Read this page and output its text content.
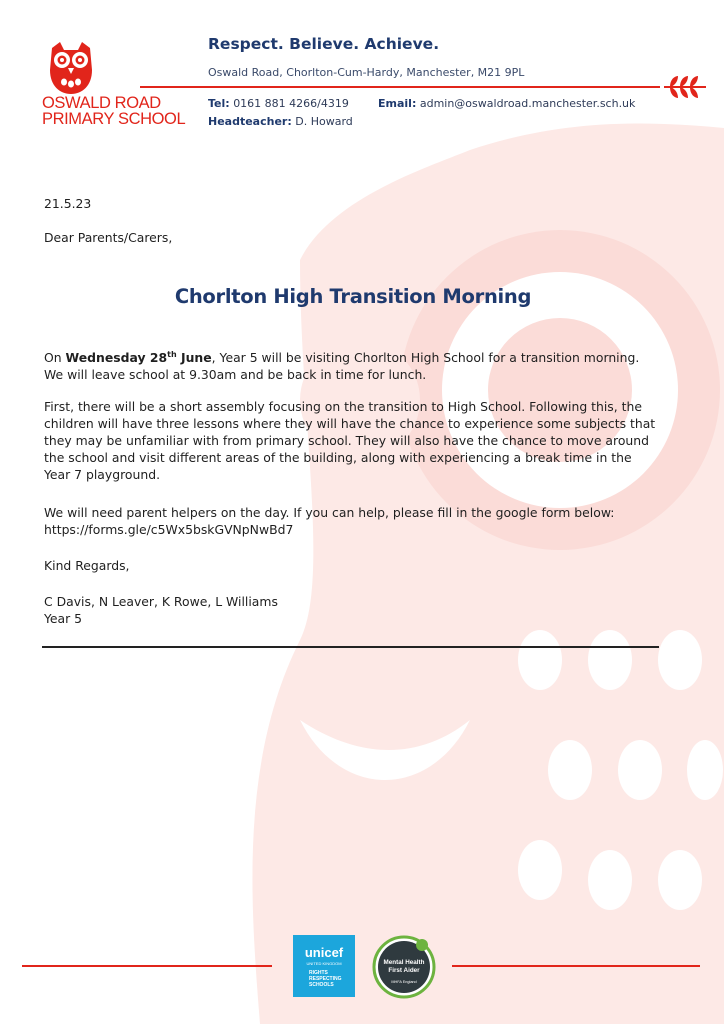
OSWALD ROAD
PRIMARY SCHOOL
Respect. Believe. Achieve.
Oswald Road, Chorlton-Cum-Hardy, Manchester, M21 9PL
Tel: 0161 881 4266/4319	Email: admin@oswaldroad.manchester.sch.uk
Headteacher: D. Howard
21.5.23
Dear Parents/Carers,
Chorlton High Transition Morning
On Wednesday 28th June, Year 5 will be visiting Chorlton High School for a transition morning. We will leave school at 9.30am and be back in time for lunch.
First, there will be a short assembly focusing on the transition to High School. Following this, the children will have three lessons where they will have the chance to experience some subjects that they may be unfamiliar with from primary school. They will also have the chance to move around the school and visit different areas of the building, along with experiencing a break time in the Year 7 playground.
We will need parent helpers on the day. If you can help, please fill in the google form below:
https://forms.gle/c5Wx5bskGVNpNwBd7
Kind Regards,
C Davis, N Leaver, K Rowe, L Williams
Year 5
unicef
UNITED KINGDOM
RIGHTS
RESPECTING
SCHOOLS
Mental Health
First Aider
MHFA England
